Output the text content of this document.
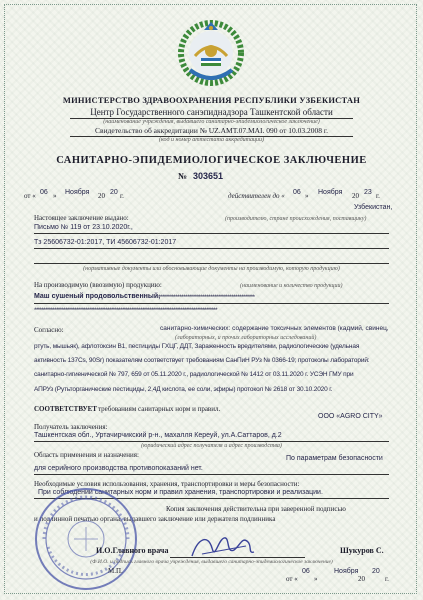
МИНИСТЕРСТВО ЗДРАВООХРАНЕНИЯ РЕСПУБЛИКИ УЗБЕКИСТАН
Центр Государственного санэпиднадзора Ташкентской области
(наименование учреждения, выдавшего санитарно-эпидемиологическое заключение)
Свидетельство об аккредитации № UZ.AMT.07.MAI. 090 от 10.03.2008 г.
(код и номер аттестата аккредитации)
САНИТАРНО-ЭПИДЕМИОЛОГИЧЕСКОЕ ЗАКЛЮЧЕНИЕ
№ 303651
от « 06 » Ноября 20 20 г.	действителен до « 06 » Ноября 20 23 г.
Узбекистан,
Настоящее заключение выдано:	(производителю, стране происхождения, поставщику)
Письмо № 119 от 23.10.2020г.,
Тз 25606732-01:2017, ТИ 45606732-01:2017
(нормативные документы или обосновывающие документы на производимую, которую продукцию)
На производимую (ввозимую) продукцию:	(наименование и количество продукции)
Маш сушеный продовольственный,
**************************************************
****************************************************************************************************
Согласно:	санитарно-химических: содержание токсичных элементов (кадмий, свинец,
(лабораторных, и прочих лабораторных исследований)
ртуть, мышьяк), афлотоксин B1, пестициды ГХЦГ, ДДТ, Зараженность вредителями, радиологические (удельная
активность 137Cs, 90Sr) показателям соответствует требованиям СанПиН РУз № 0366-19; протоколы лабораторий:
санитарно-гигиенической № 797, 659 от 05.11.2020 г., радиологической № 1412 от 03.11.2020 г. УСЭН ГМУ при
АПРУз (Рутьторганические пестициды, 2,4Д кислота, ее соли, эфиры) протокол № 2618 от 30.10.2020 г.
СООТВЕТСТВУЕТ требованиям санитарных норм и правил.
ООО «AGRO CITY»
Получатель заключения:
Ташкентская обл., Уртачирчикский р-н., махалля Кереуй, ул.А.Саттаров, д.2
(юридический адрес получателя и адрес производства)
Область применения и назначения:	По параметрам безопасности
для серийного производства противопоказаний нет.
Необходимые условия использования, хранения, транспортировки и меры безопасности:
При соблюдении санитарных норм и правил хранения, транспортировки и реализации.
Копия заключения действительна при заверенной подписью
и подлинной печатью органа, выдавшего заключение или держателя подлинника
И.О.Главного врача	Шукуров С.
(Ф.И.О. и подпись главного врача учреждения, выдавшего санитарно-эпидемиологическое заключение)
М.П.
от «
06
»
Ноября
20
20
г.
